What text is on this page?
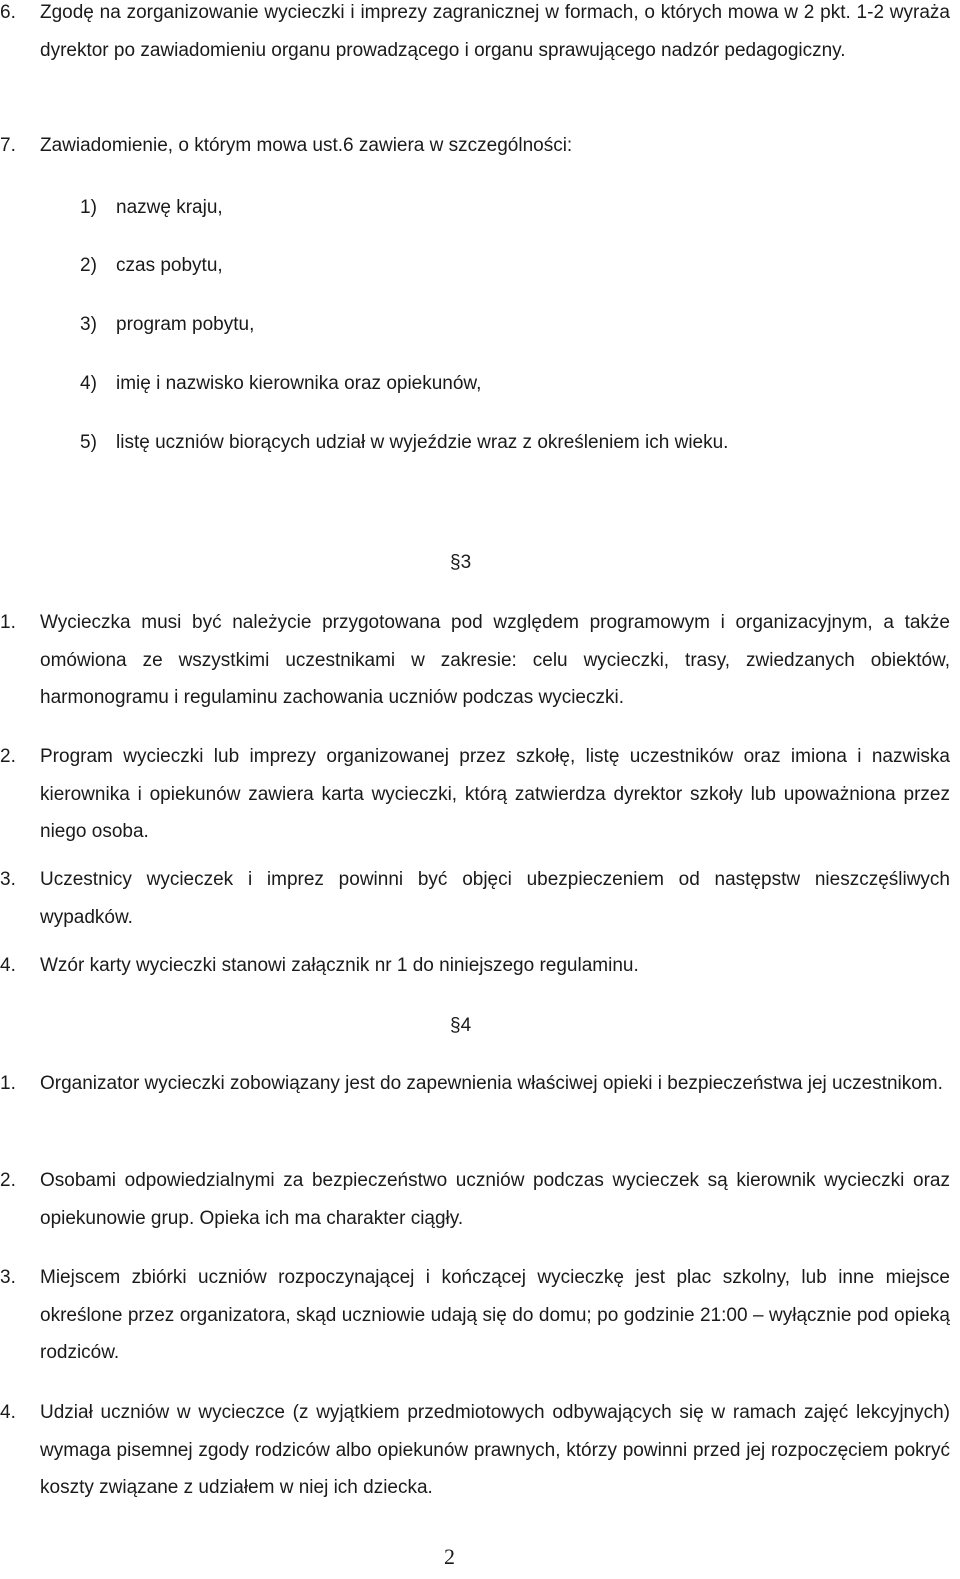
6. Zgodę na zorganizowanie wycieczki i imprezy zagranicznej w formach, o których mowa w 2 pkt. 1-2 wyraża dyrektor po zawiadomieniu organu prowadzącego i organu sprawującego nadzór pedagogiczny.

7. Zawiadomienie, o którym mowa ust.6 zawiera w szczególności:

1) nazwę kraju,

2) czas pobytu,

3) program pobytu,

4) imię i nazwisko kierownika oraz opiekunów,

5) listę uczniów biorących udział w wyjeździe wraz z określeniem ich wieku.

§3

1. Wycieczka musi być należycie przygotowana pod względem programowym i organizacyjnym, a także omówiona ze wszystkimi uczestnikami w zakresie: celu wycieczki, trasy, zwiedzanych obiektów, harmonogramu i regulaminu zachowania uczniów podczas wycieczki.

2. Program wycieczki lub imprezy organizowanej przez szkołę, listę uczestników oraz imiona i nazwiska kierownika i opiekunów zawiera karta wycieczki, którą zatwierdza dyrektor szkoły lub upoważniona przez niego osoba.

3. Uczestnicy wycieczek i imprez powinni być objęci ubezpieczeniem od następstw nieszczęśliwych wypadków.

4. Wzór karty wycieczki stanowi załącznik nr 1 do niniejszego regulaminu.

§4

1. Organizator wycieczki zobowiązany jest do zapewnienia właściwej opieki i bezpieczeństwa jej uczestnikom.

2. Osobami odpowiedzialnymi za bezpieczeństwo uczniów podczas wycieczek są kierownik wycieczki oraz opiekunowie grup. Opieka ich ma charakter ciągły.

3. Miejscem zbiórki uczniów rozpoczynającej i kończącej wycieczkę jest plac szkolny, lub inne miejsce określone przez organizatora, skąd uczniowie udają się do domu; po godzinie 21:00 – wyłącznie pod opieką rodziców.

4. Udział uczniów w wycieczce (z wyjątkiem przedmiotowych odbywających się w ramach zajęć lekcyjnych) wymaga pisemnej zgody rodziców albo opiekunów prawnych, którzy powinni przed jej rozpoczęciem pokryć koszty związane z udziałem w niej ich dziecka.

2
